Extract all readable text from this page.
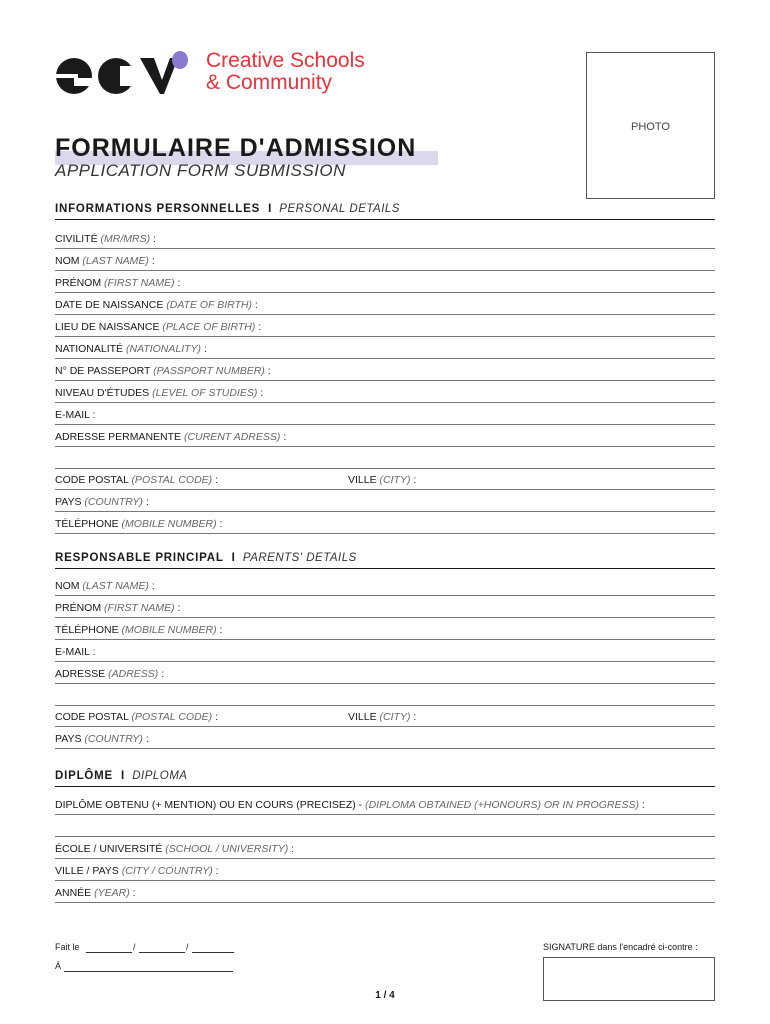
Creative Schools
& Community
PHOTO
FORMULAIRE D'ADMISSION
APPLICATION FORM SUBMISSION
INFORMATIONS PERSONNELLES I PERSONAL DETAILS
CIVILITÉ (MR/MRS) :
NOM (LAST NAME) :
PRÉNOM (FIRST NAME) :
DATE DE NAISSANCE (DATE OF BIRTH) :
LIEU DE NAISSANCE (PLACE OF BIRTH) :
NATIONALITÉ (NATIONALITY) :
N° DE PASSEPORT (PASSPORT NUMBER) :
NIVEAU D'ÉTUDES (LEVEL OF STUDIES) :
E-MAIL :
ADRESSE PERMANENTE (CURENT ADRESS) :
CODE POSTAL (POSTAL CODE) :	VILLE (CITY) :
PAYS (COUNTRY) :
TÉLÉPHONE (MOBILE NUMBER) :
RESPONSABLE PRINCIPAL I PARENTS' DETAILS
NOM (LAST NAME) :
PRÉNOM (FIRST NAME) :
TÉLÉPHONE (MOBILE NUMBER) :
E-MAIL :
ADRESSE (ADRESS) :
CODE POSTAL (POSTAL CODE) :	VILLE (CITY) :
PAYS (COUNTRY) :
DIPLÔME I DIPLOMA
DIPLÔME OBTENU (+ MENTION) OU EN COURS (PRECISEZ) - (DIPLOMA OBTAINED (+HONOURS) OR IN PROGRESS) :
ÉCOLE / UNIVERSITÉ (SCHOOL / UNIVERSITY) :
VILLE / PAYS (CITY / COUNTRY) :
ANNÉE (YEAR) :
Fait le	/	/
À
SIGNATURE dans l'encadré ci-contre :
1 / 4
